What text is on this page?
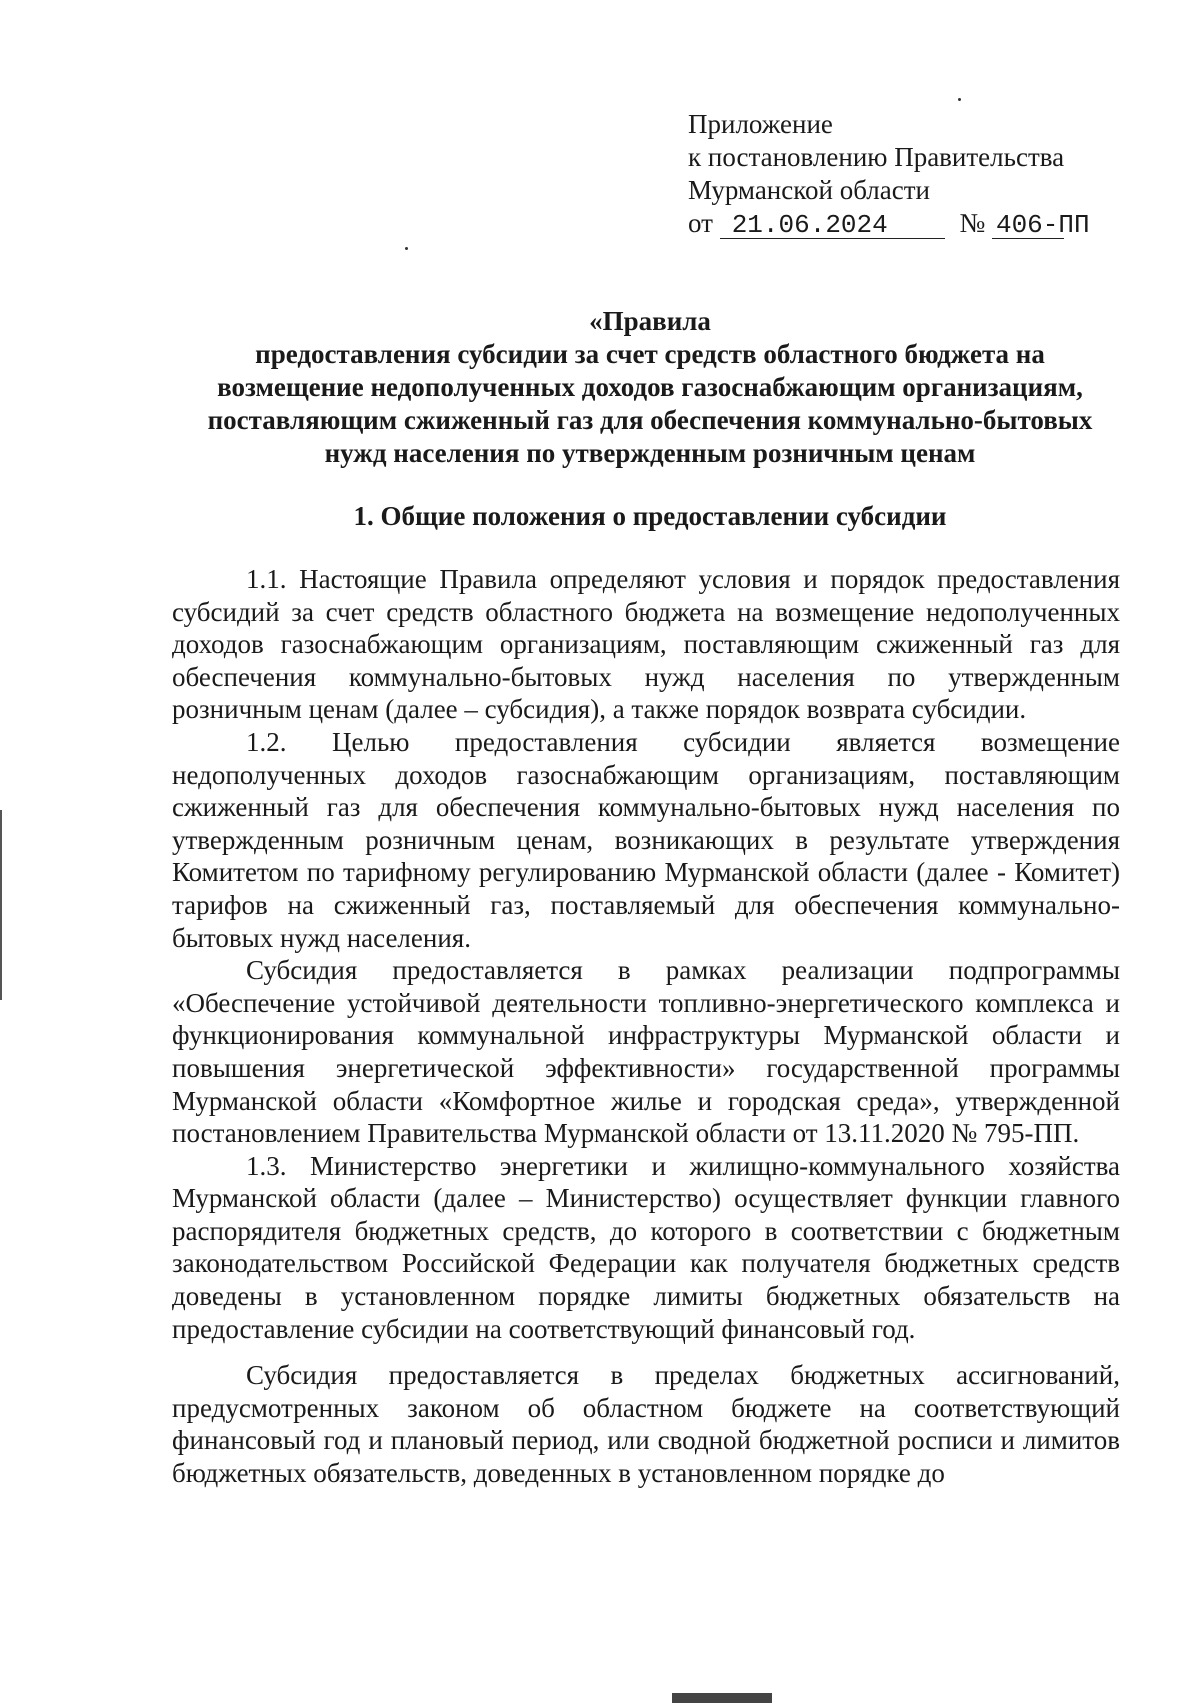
Приложение
к постановлению Правительства
Мурманской области
от 21.06.2024	№ 406-ПП
«Правила
предоставления субсидии за счет средств областного бюджета на
возмещение недополученных доходов газоснабжающим организациям,
поставляющим сжиженный газ для обеспечения коммунально-бытовых
нужд населения по утвержденным розничным ценам
1. Общие положения о предоставлении субсидии

1.1. Настоящие Правила определяют условия и порядок предоставления субсидий за счет средств областного бюджета на возмещение недополученных доходов газоснабжающим организациям, поставляющим сжиженный газ для обеспечения коммунально-бытовых нужд населения по утвержденным розничным ценам (далее – субсидия), а также порядок возврата субсидии.

1.2. Целью предоставления субсидии является возмещение недополученных доходов газоснабжающим организациям, поставляющим сжиженный газ для обеспечения коммунально-бытовых нужд населения по утвержденным розничным ценам, возникающих в результате утверждения Комитетом по тарифному регулированию Мурманской области (далее - Комитет) тарифов на сжиженный газ, поставляемый для обеспечения коммунально-бытовых нужд населения.

Субсидия предоставляется в рамках реализации подпрограммы «Обеспечение устойчивой деятельности топливно-энергетического комплекса и функционирования коммунальной инфраструктуры Мурманской области и повышения энергетической эффективности» государственной программы Мурманской области «Комфортное жилье и городская среда», утвержденной постановлением Правительства Мурманской области от 13.11.2020 № 795-ПП.

1.3. Министерство энергетики и жилищно-коммунального хозяйства Мурманской области (далее – Министерство) осуществляет функции главного распорядителя бюджетных средств, до которого в соответствии с бюджетным законодательством Российской Федерации как получателя бюджетных средств доведены в установленном порядке лимиты бюджетных обязательств на предоставление субсидии на соответствующий финансовый год.

Субсидия предоставляется в пределах бюджетных ассигнований, предусмотренных законом об областном бюджете на соответствующий финансовый год и плановый период, или сводной бюджетной росписи и лимитов бюджетных обязательств, доведенных в установленном порядке до
